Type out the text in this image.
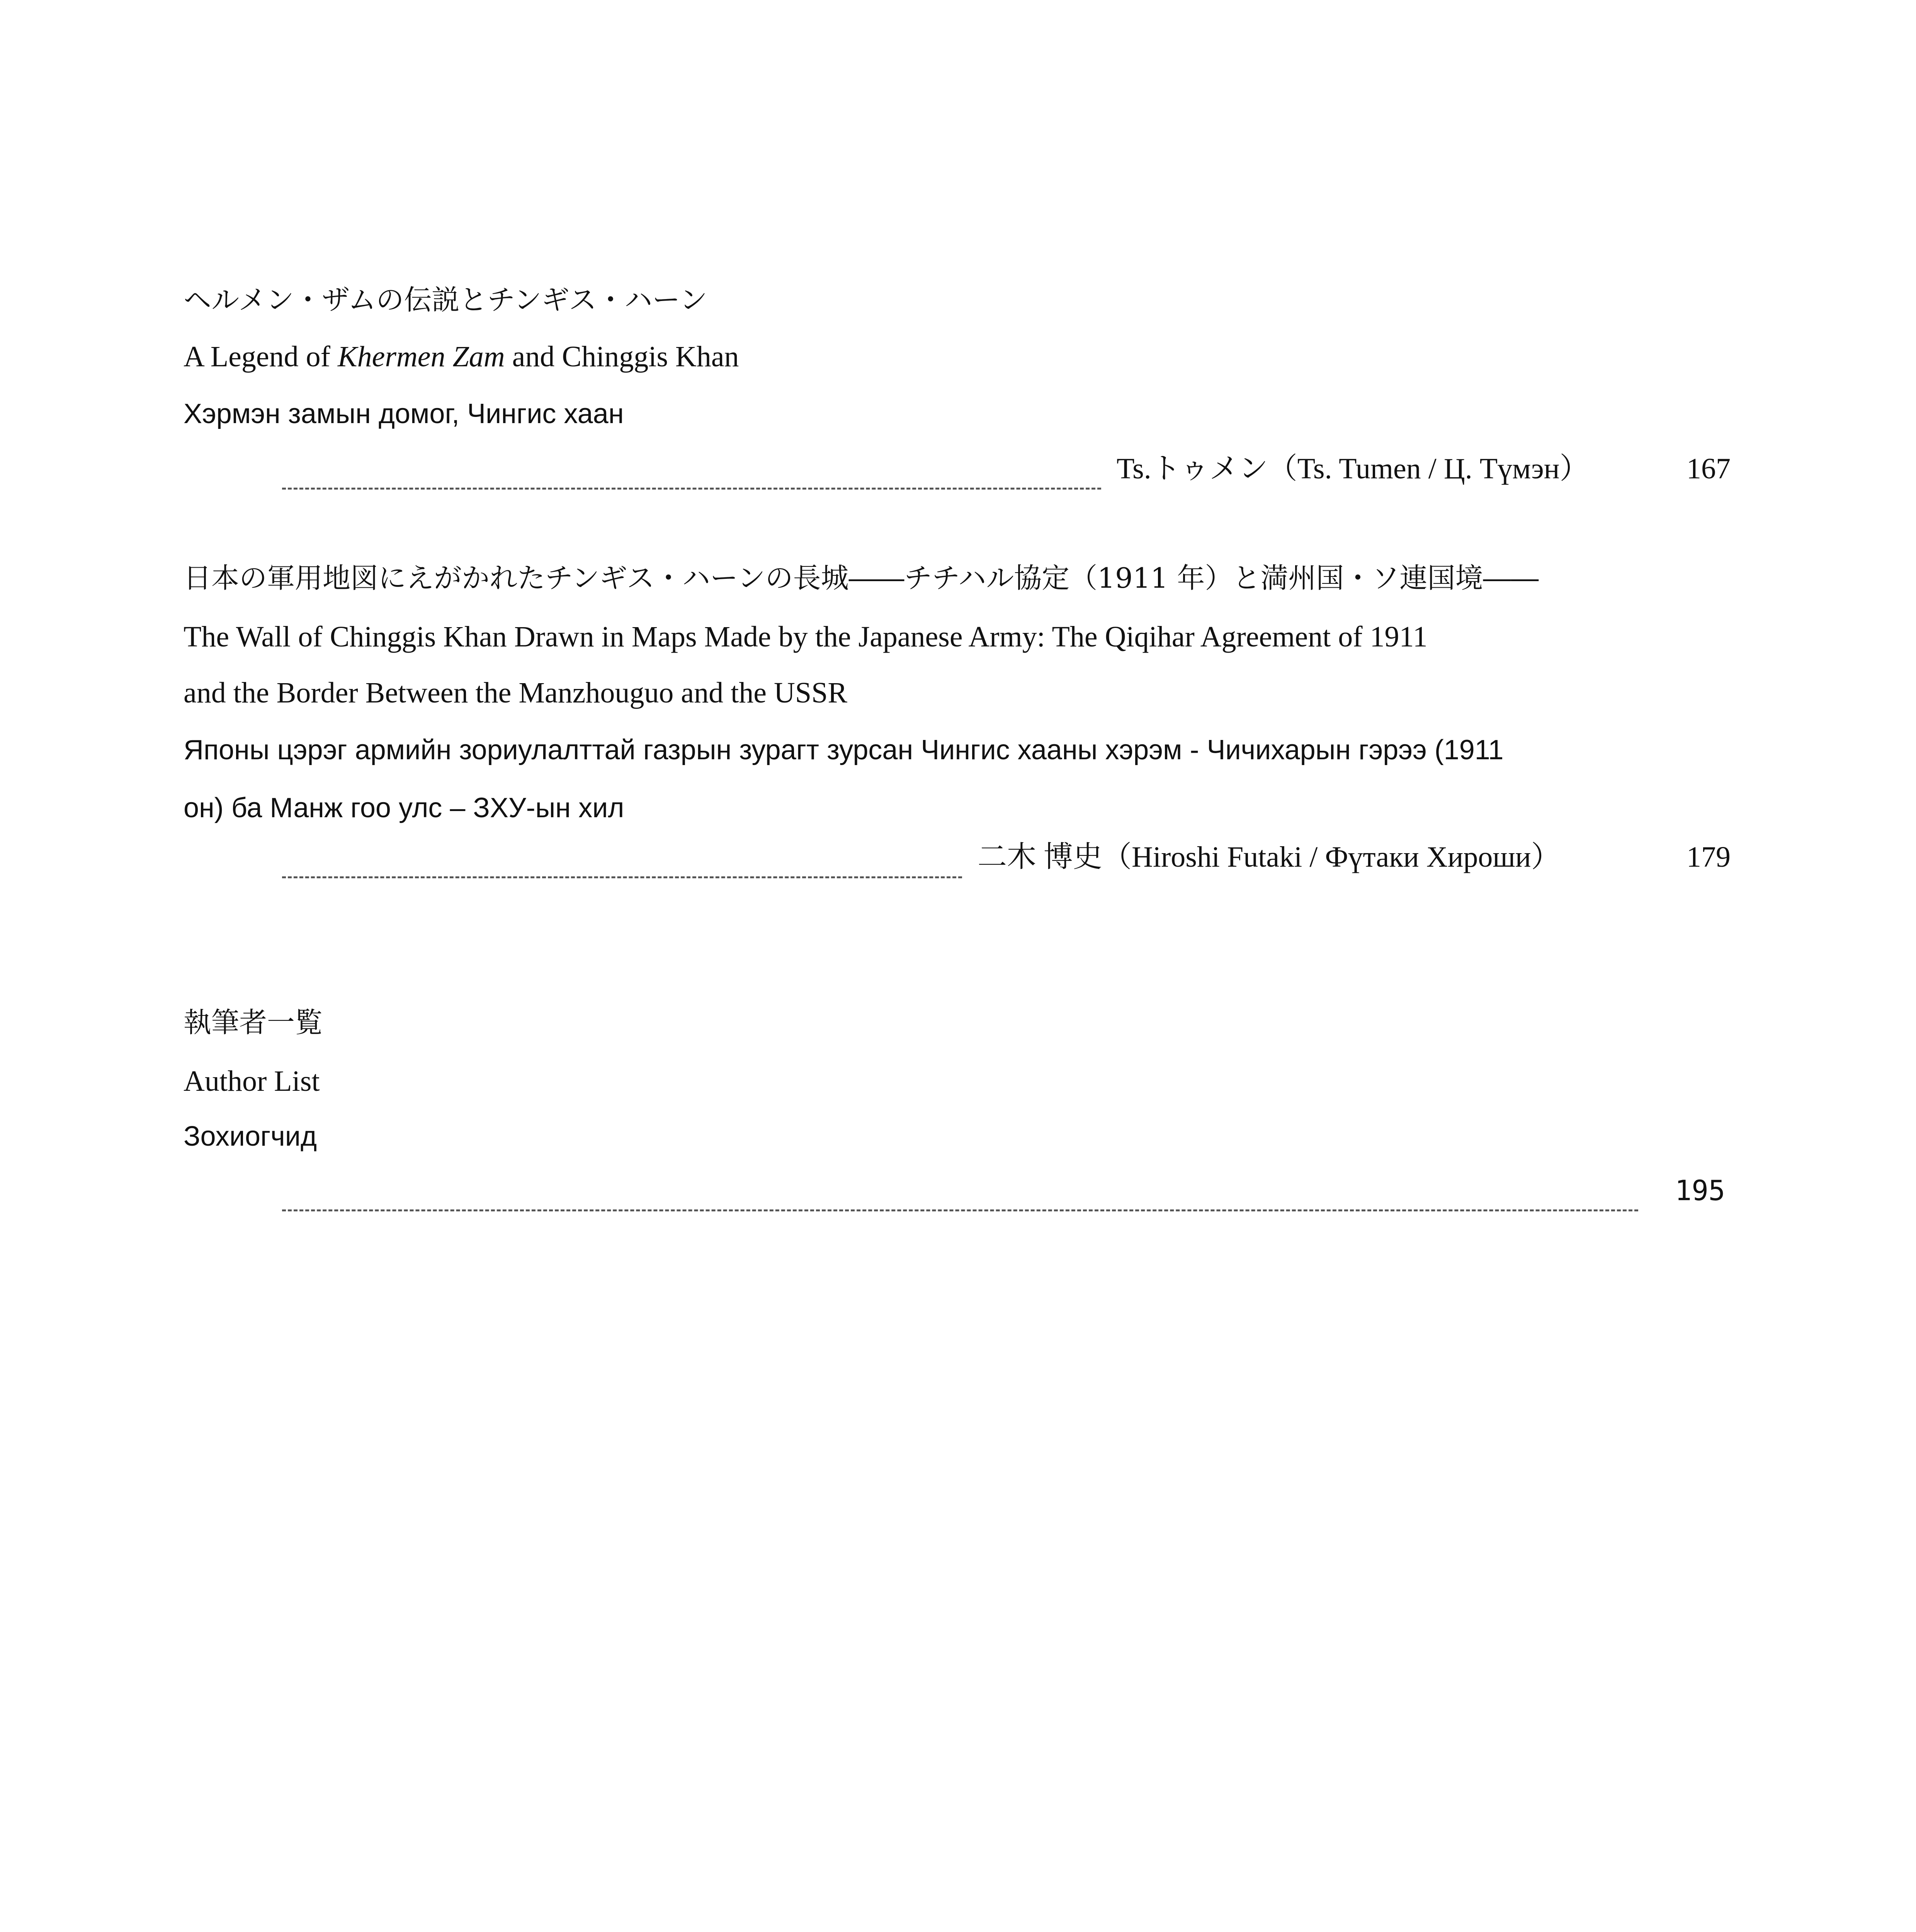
ヘルメン・ザムの伝説とチンギス・ハーン
A Legend of Khermen Zam and Chinggis Khan
Хэрмэн замын домог, Чингис хаан
Ts.トゥメン（Ts. Tumen / Ц. Түмэн）	167
日本の軍用地図にえがかれたチンギス・ハーンの長城――チチハル協定（1911 年）と満州国・ソ連国境――
The Wall of Chinggis Khan Drawn in Maps Made by the Japanese Army: The Qiqihar Agreement of 1911
and the Border Between the Manzhouguo and the USSR
Японы цэрэг армийн зориулалттай газрын зурагт зурсан Чингис хааны хэрэм - Чичихарын гэрээ (1911
он) ба Манж гоо улс – ЗХУ-ын хил
二木 博史（Hiroshi Futaki / Фүтаки Хироши）	179
執筆者一覧
Author List
Зохиогчид
195
